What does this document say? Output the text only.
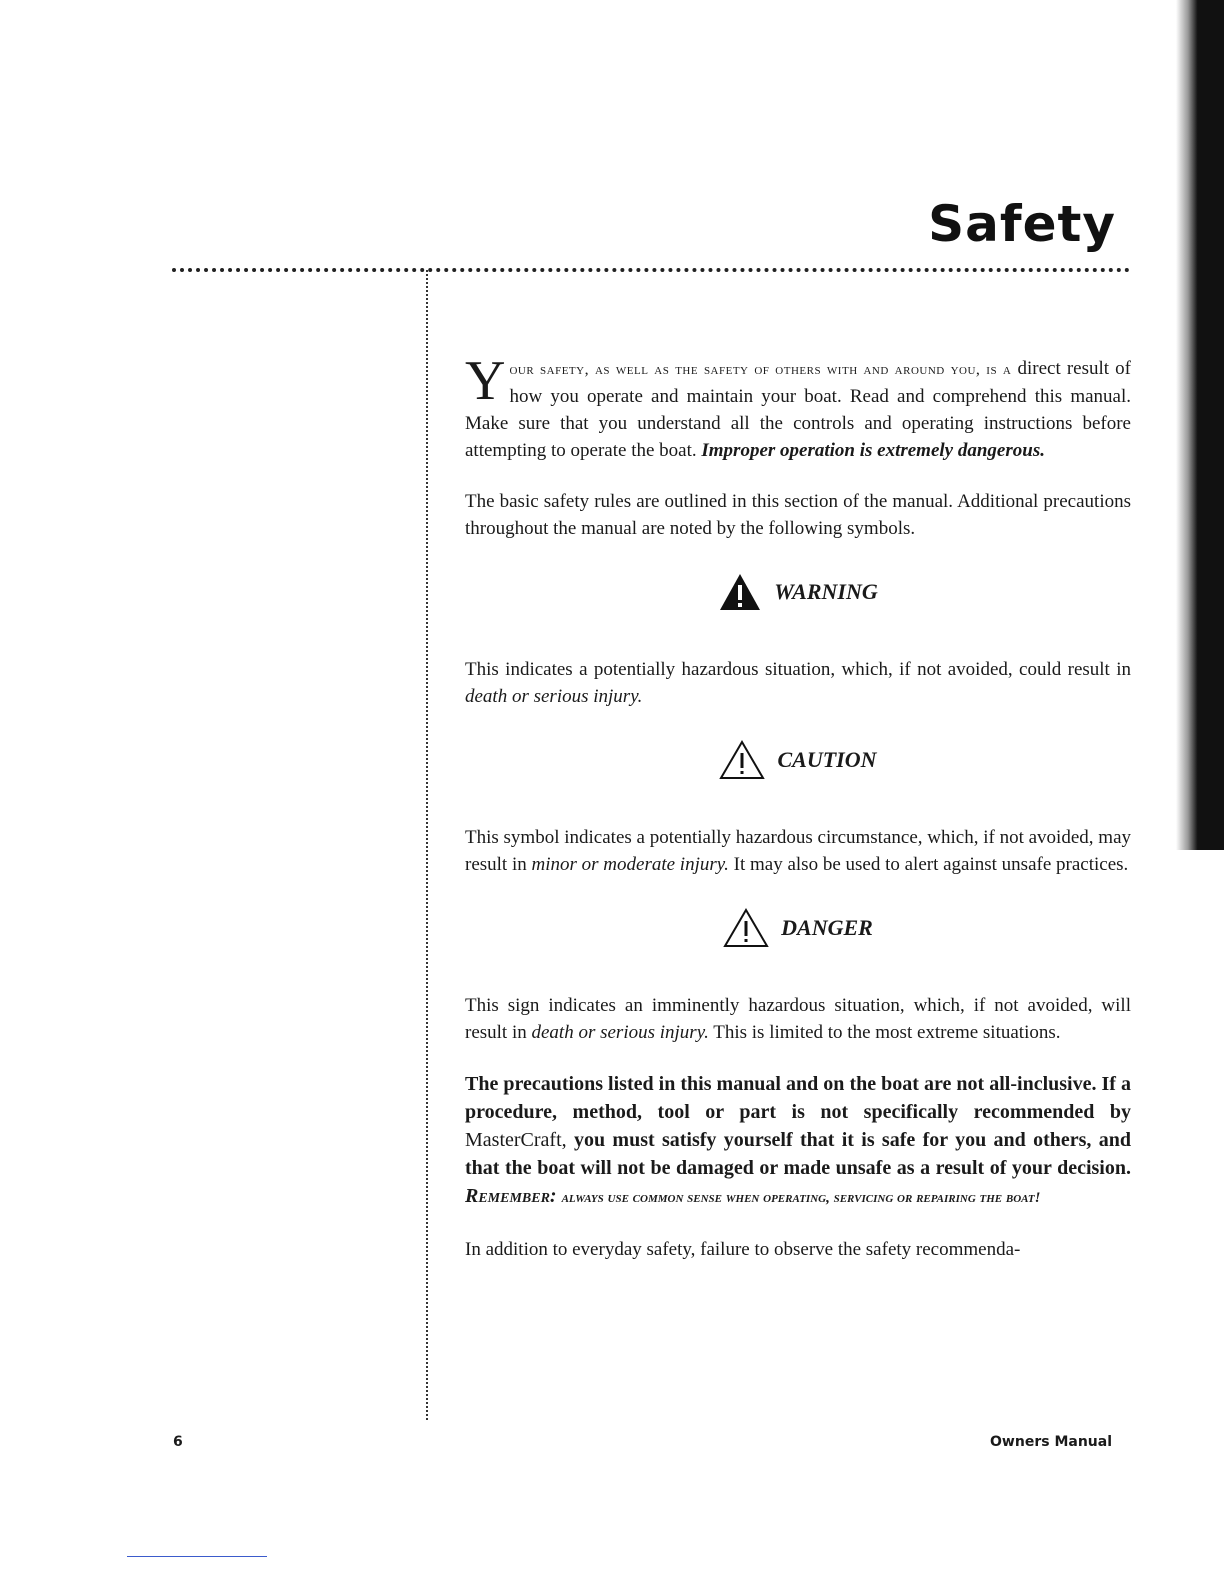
Safety

Y our safety, as well as the safety of others with and around you, is a direct result of how you operate and maintain your boat. Read and comprehend this manual. Make sure that you understand all the controls and operating instructions before attempting to operate the boat. Improper operation is extremely dangerous.

The basic safety rules are outlined in this section of the manual. Additional precautions throughout the manual are noted by the following symbols.

WARNING

This indicates a potentially hazardous situation, which, if not avoided, could result in death or serious injury.

CAUTION

This symbol indicates a potentially hazardous circumstance, which, if not avoided, may result in minor or moderate injury. It may also be used to alert against unsafe practices.

DANGER

This sign indicates an imminently hazardous situation, which, if not avoided, will result in death or serious injury. This is limited to the most extreme situations.

The precautions listed in this manual and on the boat are not all-inclusive. If a procedure, method, tool or part is not specifically recommended by MasterCraft, you must satisfy yourself that it is safe for you and others, and that the boat will not be damaged or made unsafe as a result of your decision. Remember: always use common sense when operating, servicing or repairing the boat!

In addition to everyday safety, failure to observe the safety recommenda-

6	Owners Manual
